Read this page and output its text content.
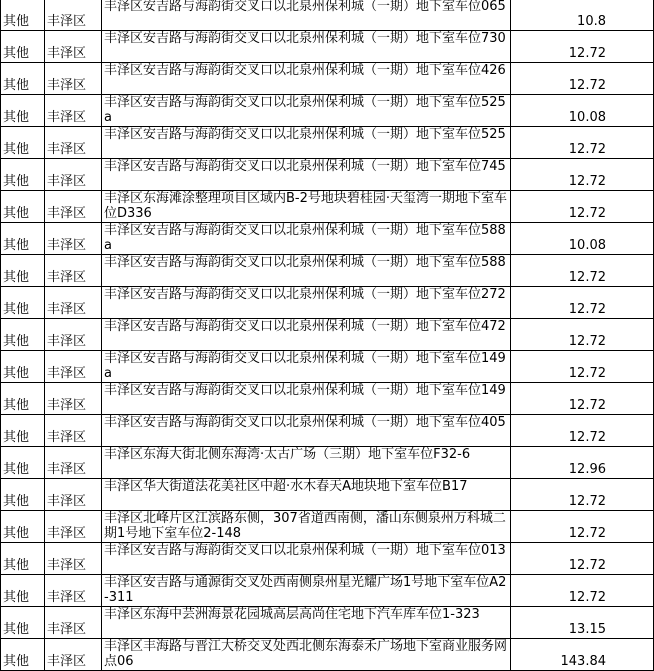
其他	丰泽区	丰泽区安吉路与海韵街交叉口以北泉州保利城（一期）地下室车位065	10.8
其他	丰泽区	丰泽区安吉路与海韵街交叉口以北泉州保利城（一期）地下室车位730	12.72
其他	丰泽区	丰泽区安吉路与海韵街交叉口以北泉州保利城（一期）地下室车位426	12.72
其他	丰泽区	丰泽区安吉路与海韵街交叉口以北泉州保利城（一期）地下室车位525a	10.08
其他	丰泽区	丰泽区安吉路与海韵街交叉口以北泉州保利城（一期）地下室车位525	12.72
其他	丰泽区	丰泽区安吉路与海韵街交叉口以北泉州保利城（一期）地下室车位745	12.72
其他	丰泽区	丰泽区东海滩涂整理项目区域内B-2号地块碧桂园·天玺湾一期地下室车位D336	12.72
其他	丰泽区	丰泽区安吉路与海韵街交叉口以北泉州保利城（一期）地下室车位588a	10.08
其他	丰泽区	丰泽区安吉路与海韵街交叉口以北泉州保利城（一期）地下室车位588	12.72
其他	丰泽区	丰泽区安吉路与海韵街交叉口以北泉州保利城（一期）地下室车位272	12.72
其他	丰泽区	丰泽区安吉路与海韵街交叉口以北泉州保利城（一期）地下室车位472	12.72
其他	丰泽区	丰泽区安吉路与海韵街交叉口以北泉州保利城（一期）地下室车位149a	12.72
其他	丰泽区	丰泽区安吉路与海韵街交叉口以北泉州保利城（一期）地下室车位149	12.72
其他	丰泽区	丰泽区安吉路与海韵街交叉口以北泉州保利城（一期）地下室车位405	12.72
其他	丰泽区	丰泽区东海大街北侧东海湾·太古广场（三期）地下室车位F32-6	12.96
其他	丰泽区	丰泽区华大街道法花美社区中超·水木春天A地块地下室车位B17	12.72
其他	丰泽区	丰泽区北峰片区江滨路东侧，307省道西南侧，潘山东侧泉州万科城二期1号地下室车位2-148	12.72
其他	丰泽区	丰泽区安吉路与海韵街交叉口以北泉州保利城（一期）地下室车位013	12.72
其他	丰泽区	丰泽区安吉路与通源街交叉处西南侧泉州星光耀广场1号地下室车位A2-311	12.72
其他	丰泽区	丰泽区东海中芸洲海景花园城高层高尚住宅地下汽车库车位1-323	13.15
其他	丰泽区	丰泽区丰海路与晋江大桥交叉处西北侧东海泰禾广场地下室商业服务网点06	143.84
